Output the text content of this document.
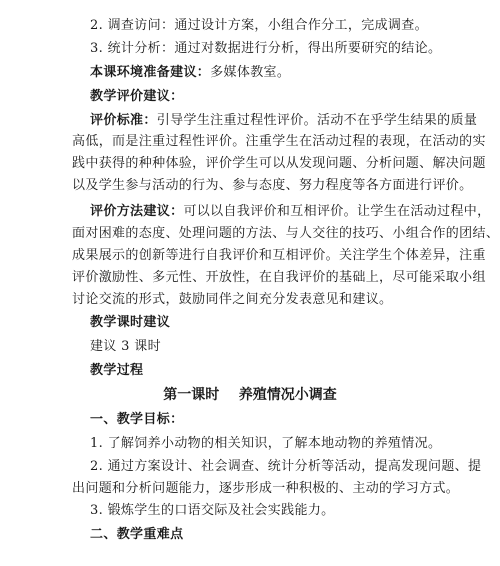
2. 调查访问：通过设计方案，小组合作分工，完成调查。
3. 统计分析：通过对数据进行分析，得出所要研究的结论。
本课环境准备建议：多媒体教室。
教学评价建议：
评价标准：引导学生注重过程性评价。活动不在乎学生结果的质量
高低，而是注重过程性评价。注重学生在活动过程的表现，在活动的实
践中获得的种种体验，评价学生可以从发现问题、分析问题、解决问题
以及学生参与活动的行为、参与态度、努力程度等各方面进行评价。
评价方法建议：可以以自我评价和互相评价。让学生在活动过程中，
面对困难的态度、处理问题的方法、与人交往的技巧、小组合作的团结、
成果展示的创新等进行自我评价和互相评价。关注学生个体差异，注重
评价激励性、多元性、开放性，在自我评价的基础上，尽可能采取小组
讨论交流的形式，鼓励同伴之间充分发表意见和建议。
教学课时建议
建议 3 课时
教学过程
第一课时    养殖情况小调查
一、教学目标：
1. 了解饲养小动物的相关知识，了解本地动物的养殖情况。
2. 通过方案设计、社会调查、统计分析等活动，提高发现问题、提
出问题和分析问题能力，逐步形成一种积极的、主动的学习方式。
3. 锻炼学生的口语交际及社会实践能力。
二、教学重难点
